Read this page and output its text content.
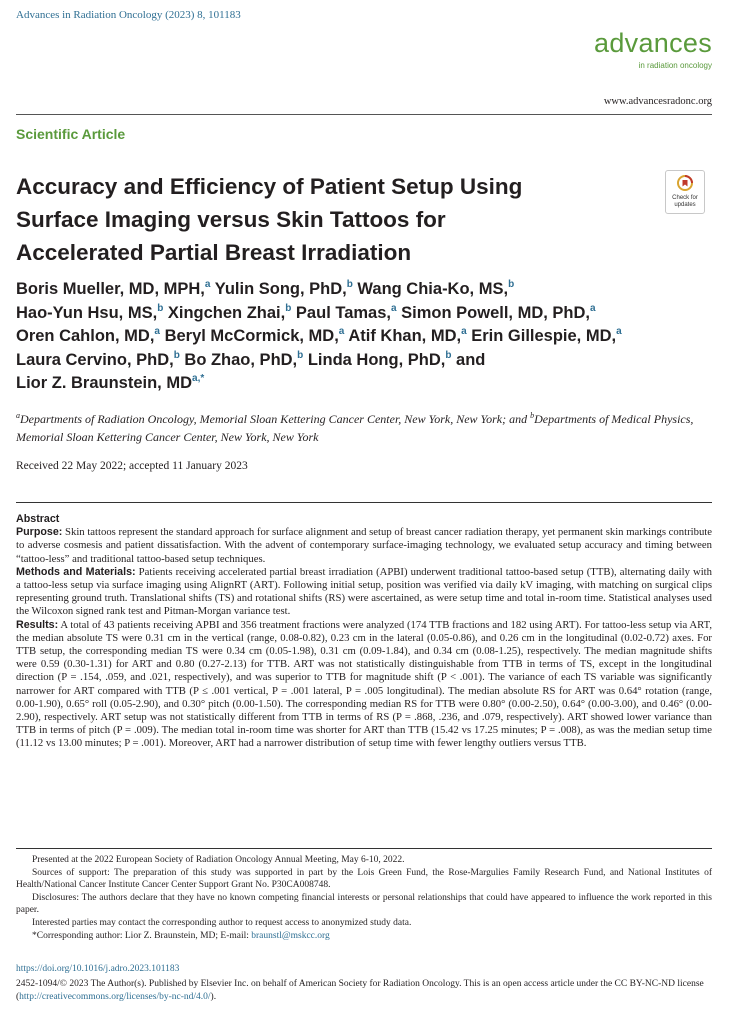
Advances in Radiation Oncology (2023) 8, 101183
advances
in radiation oncology
www.advancesradonc.org
Scientific Article
Accuracy and Efficiency of Patient Setup Using
Surface Imaging versus Skin Tattoos for
Accelerated Partial Breast Irradiation
Check for
updates
Boris Mueller, MD, MPH,$^a$ Yulin Song, PhD,$^b$ Wang Chia-Ko, MS,$^b$
Hao-Yun Hsu, MS,$^b$ Xingchen Zhai,$^b$ Paul Tamas,$^a$ Simon Powell, MD, PhD,$^a$
Oren Cahlon, MD,$^a$ Beryl McCormick, MD,$^a$ Atif Khan, MD,$^a$ Erin Gillespie, MD,$^a$
Laura Cervino, PhD,$^b$ Bo Zhao, PhD,$^b$ Linda Hong, PhD,$^b$ and
Lior Z. Braunstein, $MD^{a,*}$
$^a$Departments of Radiation Oncology, Memorial Sloan Kettering Cancer Center, New York, New York; and $^b$Departments of Medical Physics, Memorial Sloan Kettering Cancer Center, New York, New York
Received 22 May 2022; accepted 11 January 2023
Abstract

Purpose: Skin tattoos represent the standard approach for surface alignment and setup of breast cancer radiation therapy, yet permanent skin markings contribute to adverse cosmesis and patient dissatisfaction. With the advent of contemporary surface-imaging technology, we evaluated setup accuracy and timing between “tattoo-less” and traditional tattoo-based setup techniques.

Methods and Materials: Patients receiving accelerated partial breast irradiation (APBI) underwent traditional tattoo-based setup (TTB), alternating daily with a tattoo-less setup via surface imaging using AlignRT (ART). Following initial setup, position was verified via daily kV imaging, with matching on surgical clips representing ground truth. Translational shifts (TS) and rotational shifts (RS) were ascertained, as were setup time and total in-room time. Statistical analyses used the Wilcoxon signed rank test and Pitman-Morgan variance test.

Results: A total of 43 patients receiving APBI and 356 treatment fractions were analyzed (174 TTB fractions and 182 using ART). For tattoo-less setup via ART, the median absolute TS were 0.31 cm in the vertical (range, 0.08-0.82), 0.23 cm in the lateral (0.05-0.86), and 0.26 cm in the longitudinal (0.02-0.72) axes. For TTB setup, the corresponding median TS were 0.34 cm (0.05-1.98), 0.31 cm (0.09-1.84), and 0.34 cm (0.08-1.25), respectively. The median magnitude shifts were 0.59 (0.30-1.31) for ART and 0.80 (0.27-2.13) for TTB. ART was not statistically distinguishable from TTB in terms of TS, except in the longitudinal direction (P = .154, .059, and .021, respectively), and was superior to TTB for magnitude shift (P < .001). The variance of each TS variable was significantly narrower for ART compared with TTB (P ≤ .001 vertical, P = .001 lateral, P = .005 longitudinal). The median absolute RS for ART was 0.64° rotation (range, 0.00-1.90), 0.65° roll (0.05-2.90), and 0.30° pitch (0.00-1.50). The corresponding median RS for TTB were 0.80° (0.00-2.50), 0.64° (0.00-3.00), and 0.46° (0.00-2.90), respectively. ART setup was not statistically different from TTB in terms of RS (P = .868, .236, and .079, respectively). ART showed lower variance than TTB in terms of pitch (P = .009). The median total in-room time was shorter for ART than TTB (15.42 vs 17.25 minutes; P = .008), as was the median setup time (11.12 vs 13.00 minutes; P = .001). Moreover, ART had a narrower distribution of setup time with fewer lengthy outliers versus TTB.

Presented at the 2022 European Society of Radiation Oncology Annual Meeting, May 6-10, 2022.

Sources of support: The preparation of this study was supported in part by the Lois Green Fund, the Rose-Margulies Family Research Fund, and National Institutes of Health/National Cancer Institute Cancer Center Support Grant No. P30CA008748.

Disclosures: The authors declare that they have no known competing financial interests or personal relationships that could have appeared to influence the work reported in this paper.

Interested parties may contact the corresponding author to request access to anonymized study data.

*Corresponding author: Lior Z. Braunstein, MD; E-mail: braunstl@mskcc.org

https://doi.org/10.1016/j.adro.2023.101183
2452-1094/© 2023 The Author(s). Published by Elsevier Inc. on behalf of American Society for Radiation Oncology. This is an open access article under the CC BY-NC-ND license (http://creativecommons.org/licenses/by-nc-nd/4.0/).
